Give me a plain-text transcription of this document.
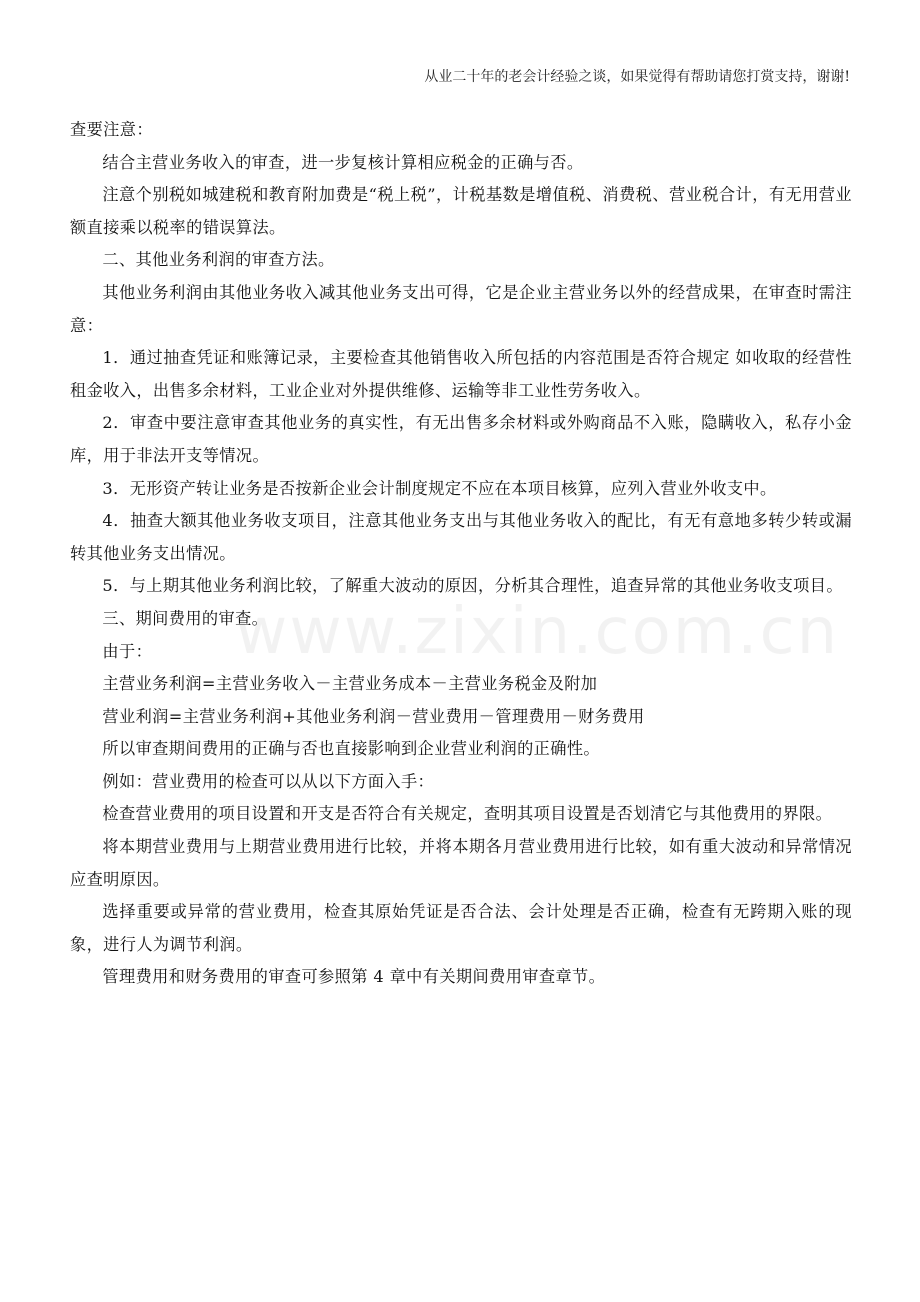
从业二十年的老会计经验之谈，如果觉得有帮助请您打赏支持，谢谢!
www.zixin.com.cn

查要注意：

结合主营业务收入的审查，进一步复核计算相应税金的正确与否。

注意个别税如城建税和教育附加费是“税上税”，计税基数是增值税、消费税、营业税合计，有无用营业额直接乘以税率的错误算法。

二、其他业务利润的审查方法。

其他业务利润由其他业务收入减其他业务支出可得，它是企业主营业务以外的经营成果，在审查时需注意：

1．通过抽查凭证和账簿记录，主要检查其他销售收入所包括的内容范围是否符合规定 如收取的经营性租金收入，出售多余材料，工业企业对外提供维修、运输等非工业性劳务收入。

2．审查中要注意审查其他业务的真实性，有无出售多余材料或外购商品不入账，隐瞒收入，私存小金库，用于非法开支等情况。

3．无形资产转让业务是否按新企业会计制度规定不应在本项目核算，应列入营业外收支中。

4．抽查大额其他业务收支项目，注意其他业务支出与其他业务收入的配比，有无有意地多转少转或漏转其他业务支出情况。

5．与上期其他业务利润比较，了解重大波动的原因，分析其合理性，追查异常的其他业务收支项目。

三、期间费用的审查。

由于：

主营业务利润=主营业务收入－主营业务成本－主营业务税金及附加

营业利润=主营业务利润+其他业务利润－营业费用－管理费用－财务费用

所以审查期间费用的正确与否也直接影响到企业营业利润的正确性。

例如：营业费用的检查可以从以下方面入手：

检查营业费用的项目设置和开支是否符合有关规定，查明其项目设置是否划清它与其他费用的界限。

将本期营业费用与上期营业费用进行比较，并将本期各月营业费用进行比较，如有重大波动和异常情况应查明原因。

选择重要或异常的营业费用，检查其原始凭证是否合法、会计处理是否正确，检查有无跨期入账的现象，进行人为调节利润。

管理费用和财务费用的审查可参照第 4 章中有关期间费用审查章节。
